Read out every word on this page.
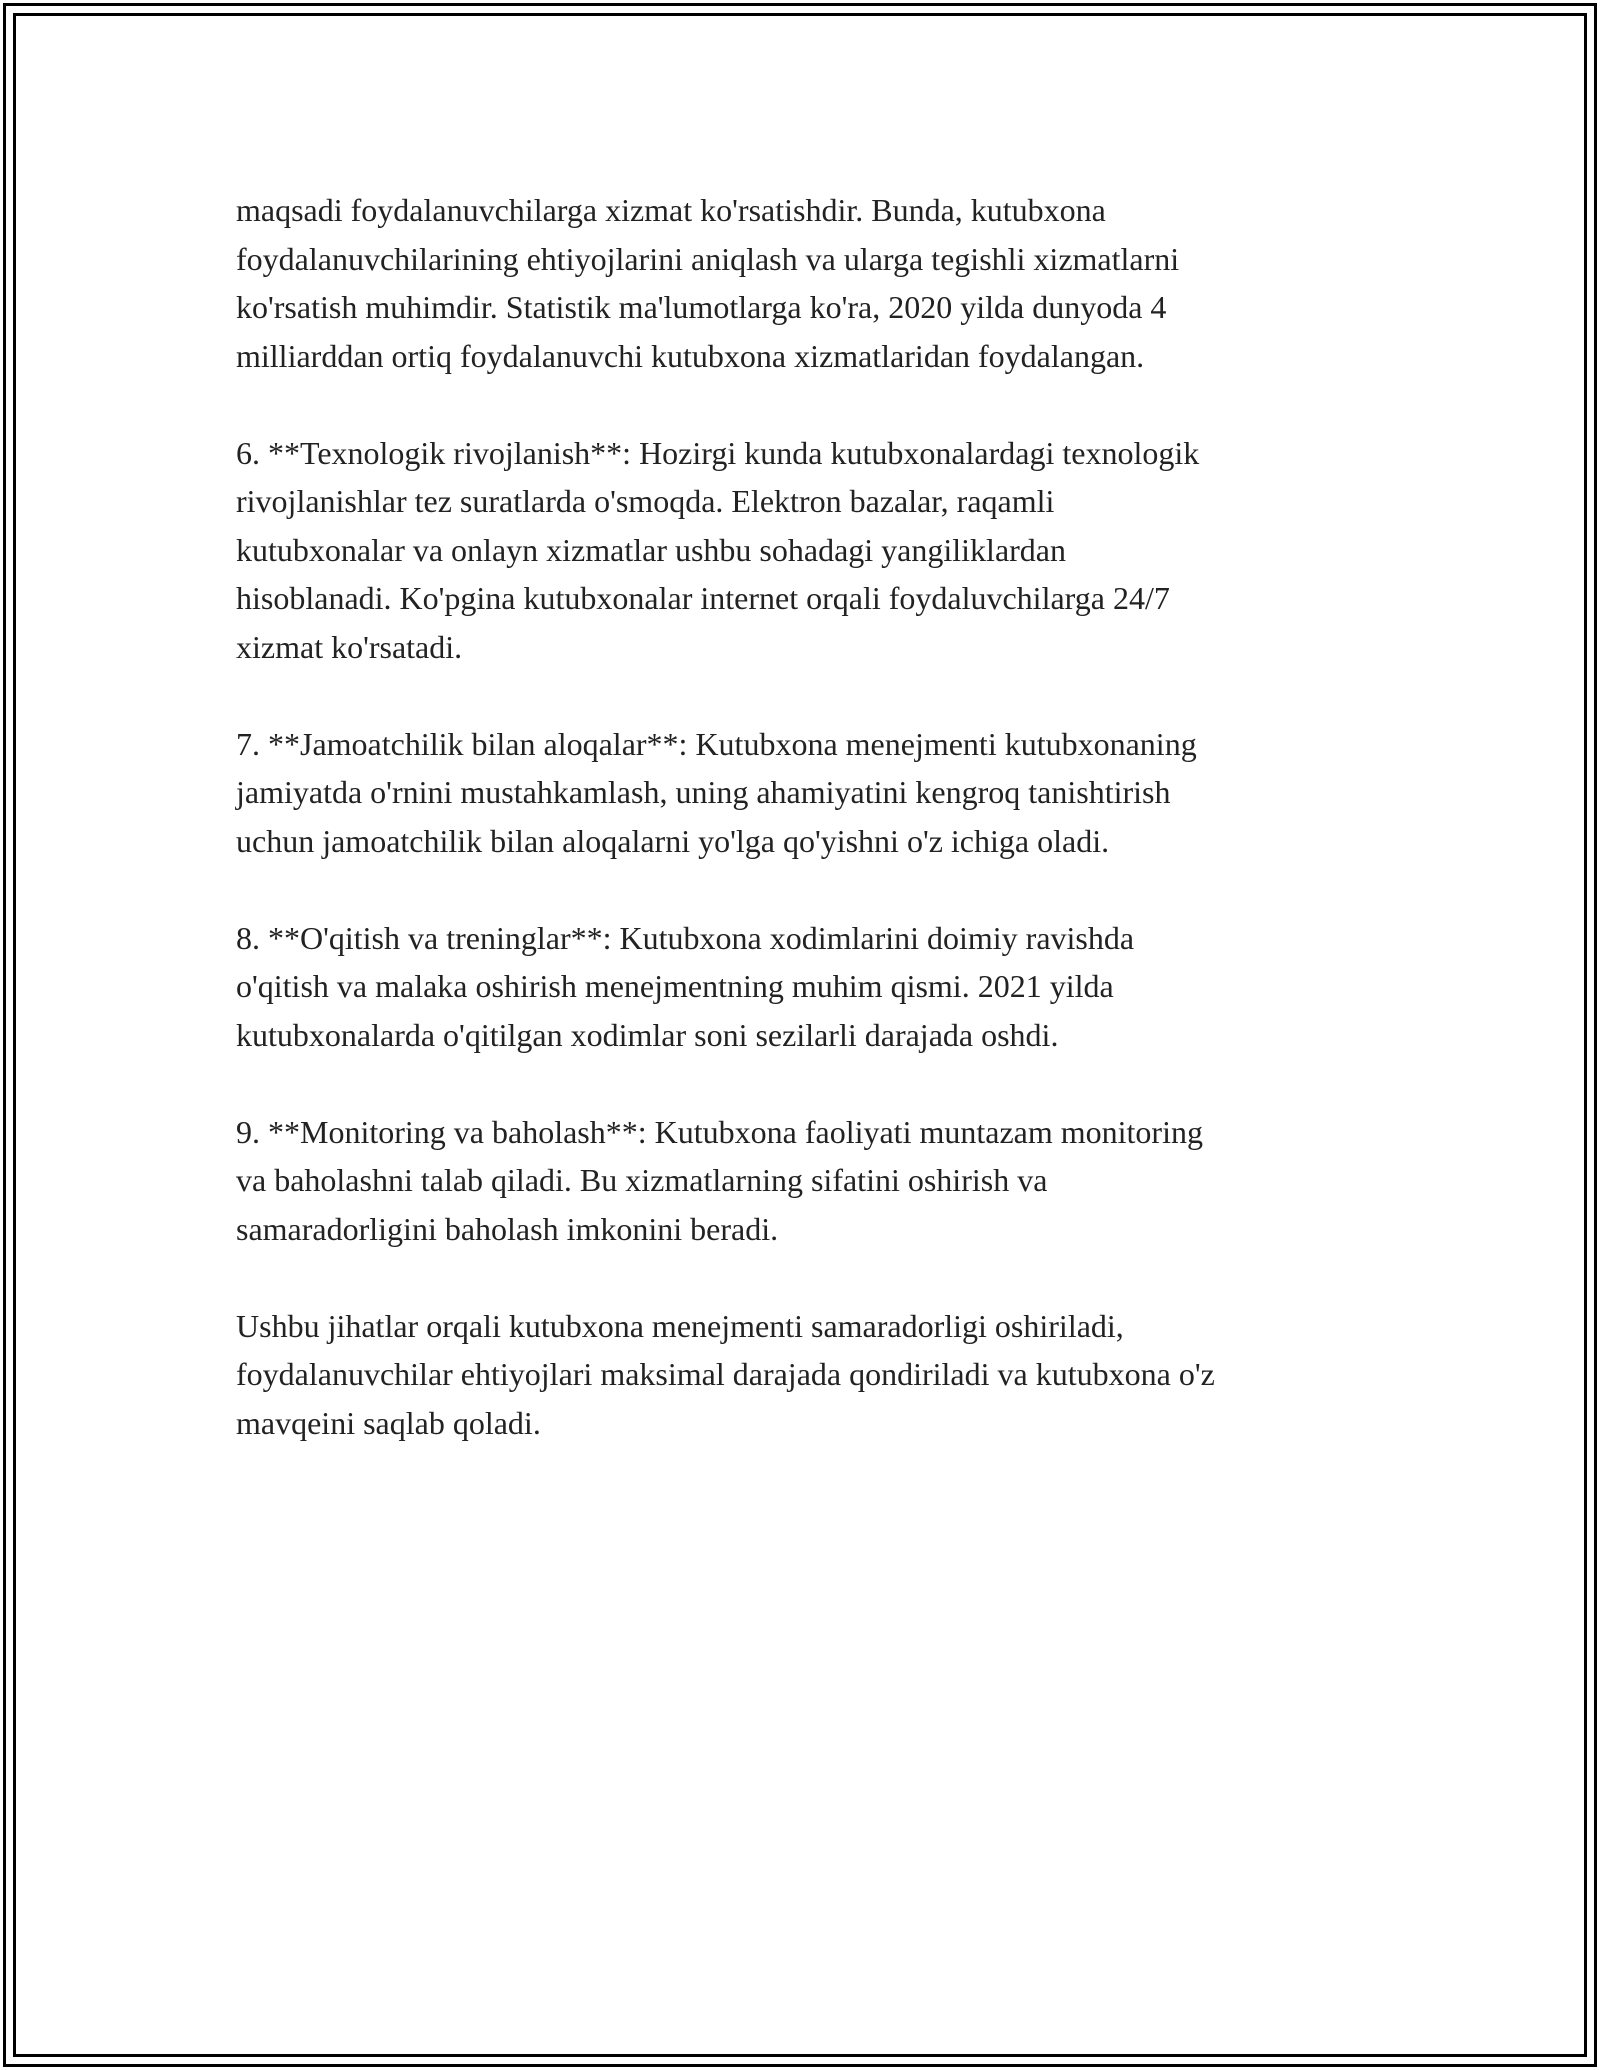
maqsadi foydalanuvchilarga xizmat ko'rsatishdir. Bunda, kutubxona
foydalanuvchilarining ehtiyojlarini aniqlash va ularga tegishli xizmatlarni
ko'rsatish muhimdir. Statistik ma'lumotlarga ko'ra, 2020 yilda dunyoda 4
milliarddan ortiq foydalanuvchi kutubxona xizmatlaridan foydalangan.

6. **Texnologik rivojlanish**: Hozirgi kunda kutubxonalardagi texnologik
rivojlanishlar tez suratlarda o'smoqda. Elektron bazalar, raqamli
kutubxonalar va onlayn xizmatlar ushbu sohadagi yangiliklardan
hisoblanadi. Ko'pgina kutubxonalar internet orqali foydaluvchilarga 24/7
xizmat ko'rsatadi.

7. **Jamoatchilik bilan aloqalar**: Kutubxona menejmenti kutubxonaning
jamiyatda o'rnini mustahkamlash, uning ahamiyatini kengroq tanishtirish
uchun jamoatchilik bilan aloqalarni yo'lga qo'yishni o'z ichiga oladi.

8. **O'qitish va treninglar**: Kutubxona xodimlarini doimiy ravishda
o'qitish va malaka oshirish menejmentning muhim qismi. 2021 yilda
kutubxonalarda o'qitilgan xodimlar soni sezilarli darajada oshdi.

9. **Monitoring va baholash**: Kutubxona faoliyati muntazam monitoring
va baholashni talab qiladi. Bu xizmatlarning sifatini oshirish va
samaradorligini baholash imkonini beradi.

Ushbu jihatlar orqali kutubxona menejmenti samaradorligi oshiriladi,
foydalanuvchilar ehtiyojlari maksimal darajada qondiriladi va kutubxona o'z
mavqeini saqlab qoladi.
